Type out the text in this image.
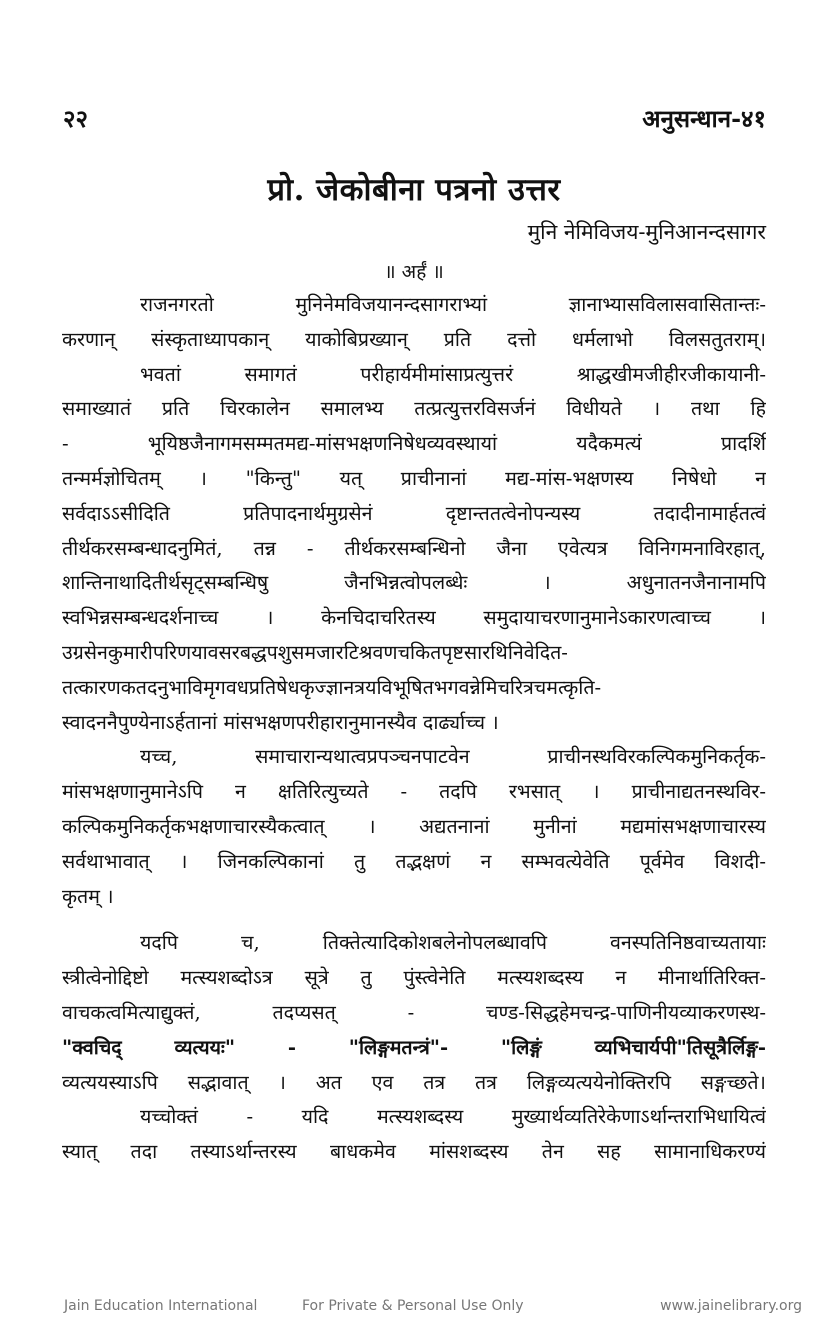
२२	अनुसन्धान-४१
प्रो. जेकोबीना पत्रनो उत्तर
मुनि नेमिविजय-मुनिआनन्दसागर
॥ अर्हं ॥
राजनगरतो मुनिनेमविजयानन्दसागराभ्यां ज्ञानाभ्यासविलासवासितान्तः-
करणान् संस्कृताध्यापकान् याकोबिप्रख्यान् प्रति दत्तो धर्मलाभो विलसतुतराम्।
भवतां समागतं परीहार्यमीमांसाप्रत्युत्तरं श्राद्धखीमजीहीरजीकायानी-
समाख्यातं प्रति चिरकालेन समालभ्य तत्प्रत्युत्तरविसर्जनं विधीयते । तथा हि
- भूयिष्ठजैनागमसम्मतमद्य-मांसभक्षणनिषेधव्यवस्थायां यदैकमत्यं प्रादर्शि
तन्मर्मज्ञोचितम् । "किन्तु" यत् प्राचीनानां मद्य-मांस-भक्षणस्य निषेधो न
सर्वदाऽऽसीदिति प्रतिपादनार्थमुग्रसेनं दृष्टान्ततत्वेनोपन्यस्य तदादीनामार्हतत्वं
तीर्थकरसम्बन्धादनुमितं, तन्न - तीर्थकरसम्बन्धिनो जैना एवेत्यत्र विनिगमनाविरहात्,
शान्तिनाथादितीर्थसृट्सम्बन्धिषु जैनभिन्नत्वोपलब्धेः । अधुनातनजैनानामपि
स्वभिन्नसम्बन्धदर्शनाच्च । केनचिदाचरितस्य समुदायाचरणानुमानेऽकारणत्वाच्च ।
उग्रसेनकुमारीपरिणयावसरबद्धपशुसमजारटिश्रवणचकितपृष्टसारथिनिवेदित-
तत्कारणकतदनुभाविमृगवधप्रतिषेधकृज्ज्ञानत्रयविभूषितभगवन्नेमिचरित्रचमत्कृति-
स्वादननैपुण्येनाऽर्हतानां मांसभक्षणपरीहारानुमानस्यैव दार्ढ्याच्च ।
यच्च, समाचारान्यथात्वप्रपञ्चनपाटवेन प्राचीनस्थविरकल्पिकमुनिकर्तृक-
मांसभक्षणानुमानेऽपि न क्षतिरित्युच्यते - तदपि रभसात् । प्राचीनाद्यतनस्थविर-
कल्पिकमुनिकर्तृकभक्षणाचारस्यैकत्वात् । अद्यतनानां मुनीनां मद्यमांसभक्षणाचारस्य
सर्वथाभावात् । जिनकल्पिकानां तु तद्भक्षणं न सम्भवत्येवेति पूर्वमेव विशदी-
कृतम् ।
यदपि च, तिक्तेत्यादिकोशबलेनोपलब्धावपि वनस्पतिनिष्ठवाच्यतायाः
स्त्रीत्वेनोद्दिष्टो मत्स्यशब्दोऽत्र सूत्रे तु पुंस्त्वेनेति मत्स्यशब्दस्य न मीनार्थातिरिक्त-
वाचकत्वमित्याद्युक्तं, तदप्यसत् - चण्ड-सिद्धहेमचन्द्र-पाणिनीयव्याकरणस्थ-
"क्वचिद् व्यत्ययः" - "लिङ्गमतन्त्रं"- "लिङ्गं व्यभिचार्यपी"तिसूत्रैर्लिङ्ग-
व्यत्ययस्याऽपि सद्भावात् । अत एव तत्र तत्र लिङ्गव्यत्ययेनोक्तिरपि सङ्गच्छते।
यच्चोक्तं - यदि मत्स्यशब्दस्य मुख्यार्थव्यतिरेकेणाऽर्थान्तराभिधायित्वं
स्यात् तदा तस्याऽर्थान्तरस्य बाधकमेव मांसशब्दस्य तेन सह सामानाधिकरण्यं
Jain Education International	For Private & Personal Use Only	www.jainelibrary.org
